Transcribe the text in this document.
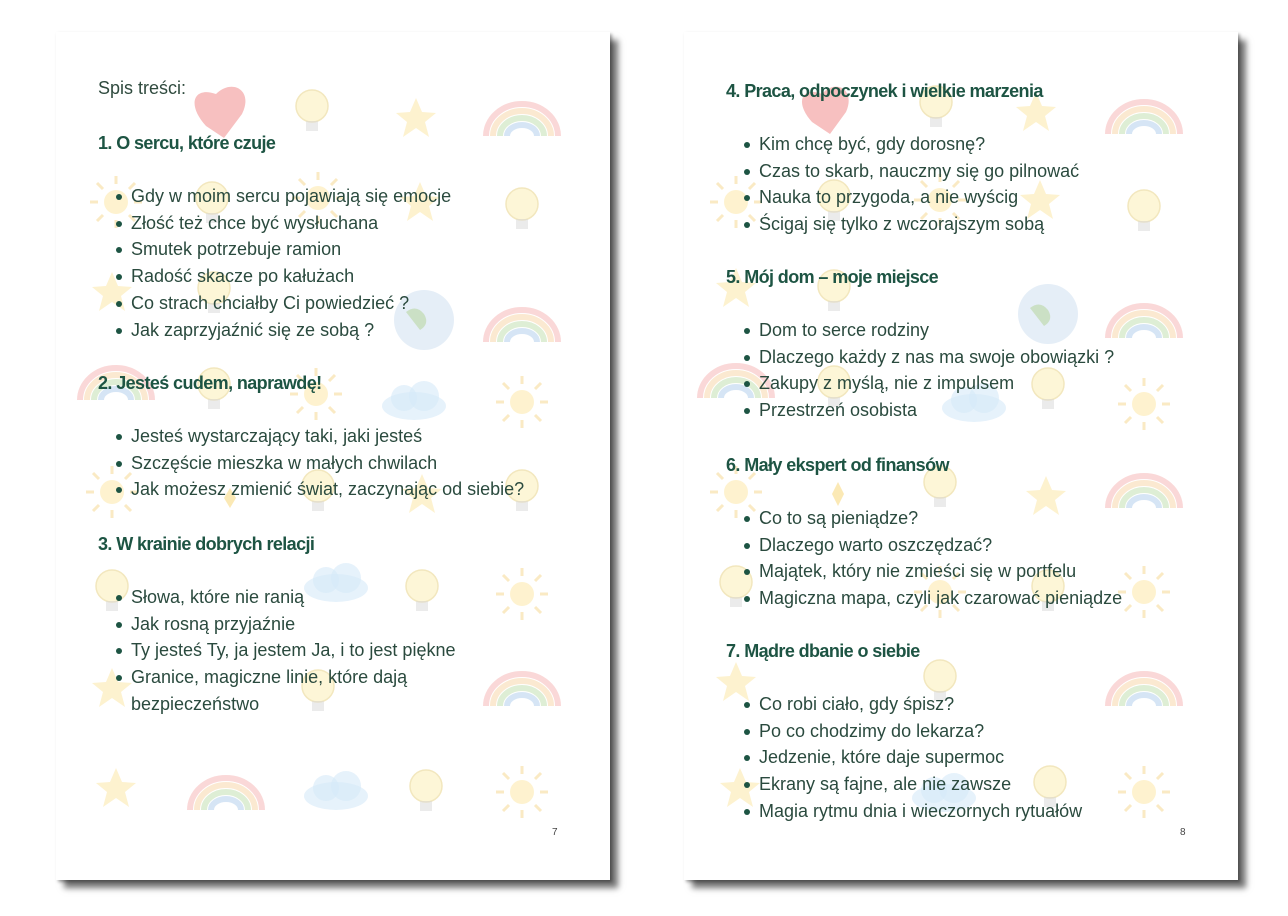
Spis treści:
1. O sercu, które czuje
Gdy w moim sercu pojawiają się emocje
Złość też chce być wysłuchana
Smutek potrzebuje ramion
Radość skacze po kałużach
Co strach chciałby Ci powiedzieć ?
Jak zaprzyjaźnić się ze sobą ?
2. Jesteś cudem, naprawdę!
Jesteś wystarczający taki, jaki jesteś
Szczęście mieszka w małych chwilach
Jak możesz zmienić świat, zaczynając od siebie?
3. W krainie dobrych relacji
Słowa, które nie ranią
Jak rosną przyjaźnie
Ty jesteś Ty, ja jestem Ja, i to jest piękne
Granice, magiczne linie, które dają bezpieczeństwo
7
4. Praca, odpoczynek i wielkie marzenia
Kim chcę być, gdy dorosnę?
Czas to skarb, nauczmy się go pilnować
Nauka to przygoda, a nie wyścig
Ścigaj się tylko z wczorajszym sobą
5. Mój dom – moje miejsce
Dom to serce rodziny
Dlaczego każdy z nas ma swoje obowiązki ?
Zakupy z myślą, nie z impulsem
Przestrzeń osobista
6. Mały ekspert od finansów
Co to są pieniądze?
Dlaczego warto oszczędzać?
Majątek, który nie zmieści się w portfelu
Magiczna mapa, czyli jak czarować pieniądze
7. Mądre dbanie o siebie
Co robi ciało, gdy śpisz?
Po co chodzimy do lekarza?
Jedzenie, które daje supermoc
Ekrany są fajne, ale nie zawsze
Magia rytmu dnia i wieczornych rytuałów
8
